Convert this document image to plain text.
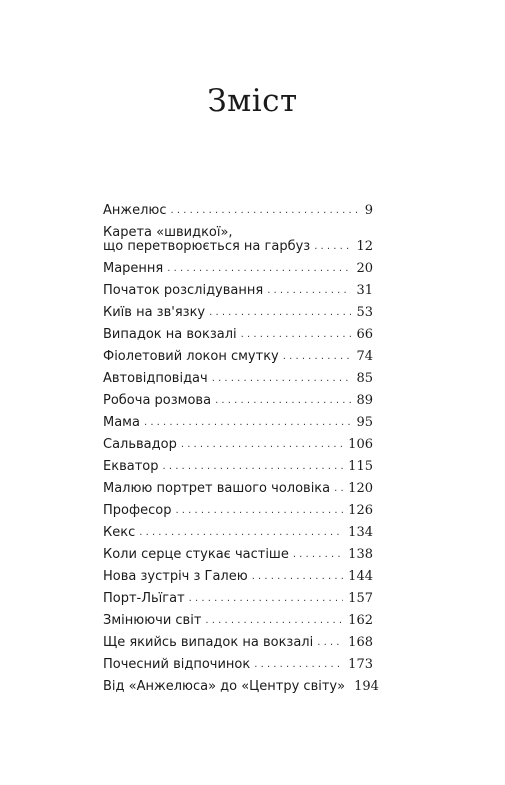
Зміст
Анжелюс . . .	9
Карета «швидкої»,
що перетворюється на гарбуз . . .	12
Марення . . .	20
Початок розслідування . . .	31
Київ на зв'язку . . .	53
Випадок на вокзалі . . .	66
Фіолетовий локон смутку . . .	74
Автовідповідач . . .	85
Робоча розмова . . .	89
Мама . . .	95
Сальвадор . . .	106
Екватор . . .	115
Малюю портрет вашого чоловіка . . . 120
Професор . . .	126
Кекс . . .	134
Коли серце стукає частіше . . .	138
Нова зустріч з Галею . . .	144
Порт-Льїгат . . .	157
Змінюючи світ . . .	162
Ще якийсь випадок на вокзалі . . .	168
Почесний відпочинок . . .	173
Від «Анжелюса» до «Центру світу» 194
